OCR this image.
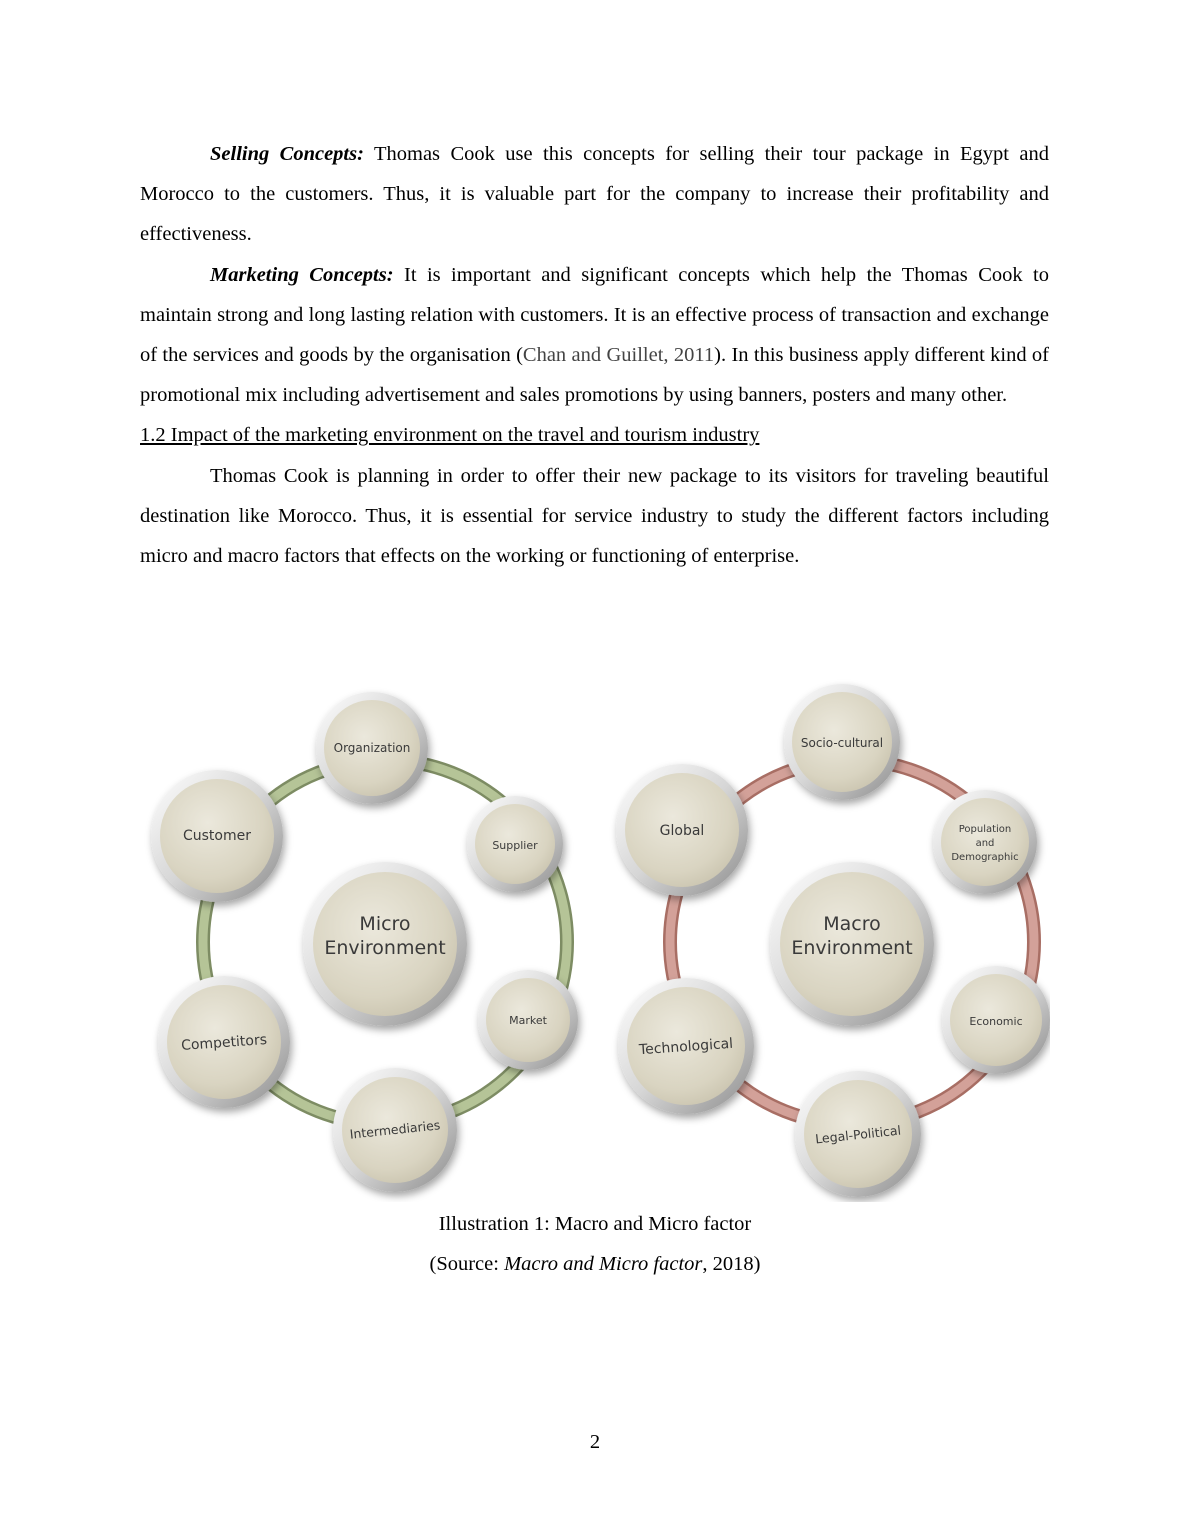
Selling Concepts: Thomas Cook use this concepts for selling their tour package in Egypt and Morocco to the customers. Thus, it is valuable part for the company to increase their profitability and effectiveness.

Marketing Concepts: It is important and significant concepts which help the Thomas Cook to maintain strong and long lasting relation with customers. It is an effective process of transaction and exchange of the services and goods by the organisation (Chan and Guillet, 2011). In this business apply different kind of promotional mix including advertisement and sales promotions by using banners, posters and many other.

1.2 Impact of the marketing environment on the travel and tourism industry

Thomas Cook is planning in order to offer their new package to its visitors for traveling beautiful destination like Morocco. Thus, it is essential for service industry to study the different factors including micro and macro factors that effects on the working or functioning of enterprise.

Micro
Environment
Organization
Supplier
Market
Intermediaries
Competitors
Customer
Macro
Environment
Socio-cultural
Population
and
Demographic
Economic
Legal-Political
Technological
Global
Illustration 1: Macro and Micro factor
(Source: Macro and Micro factor, 2018)
2
